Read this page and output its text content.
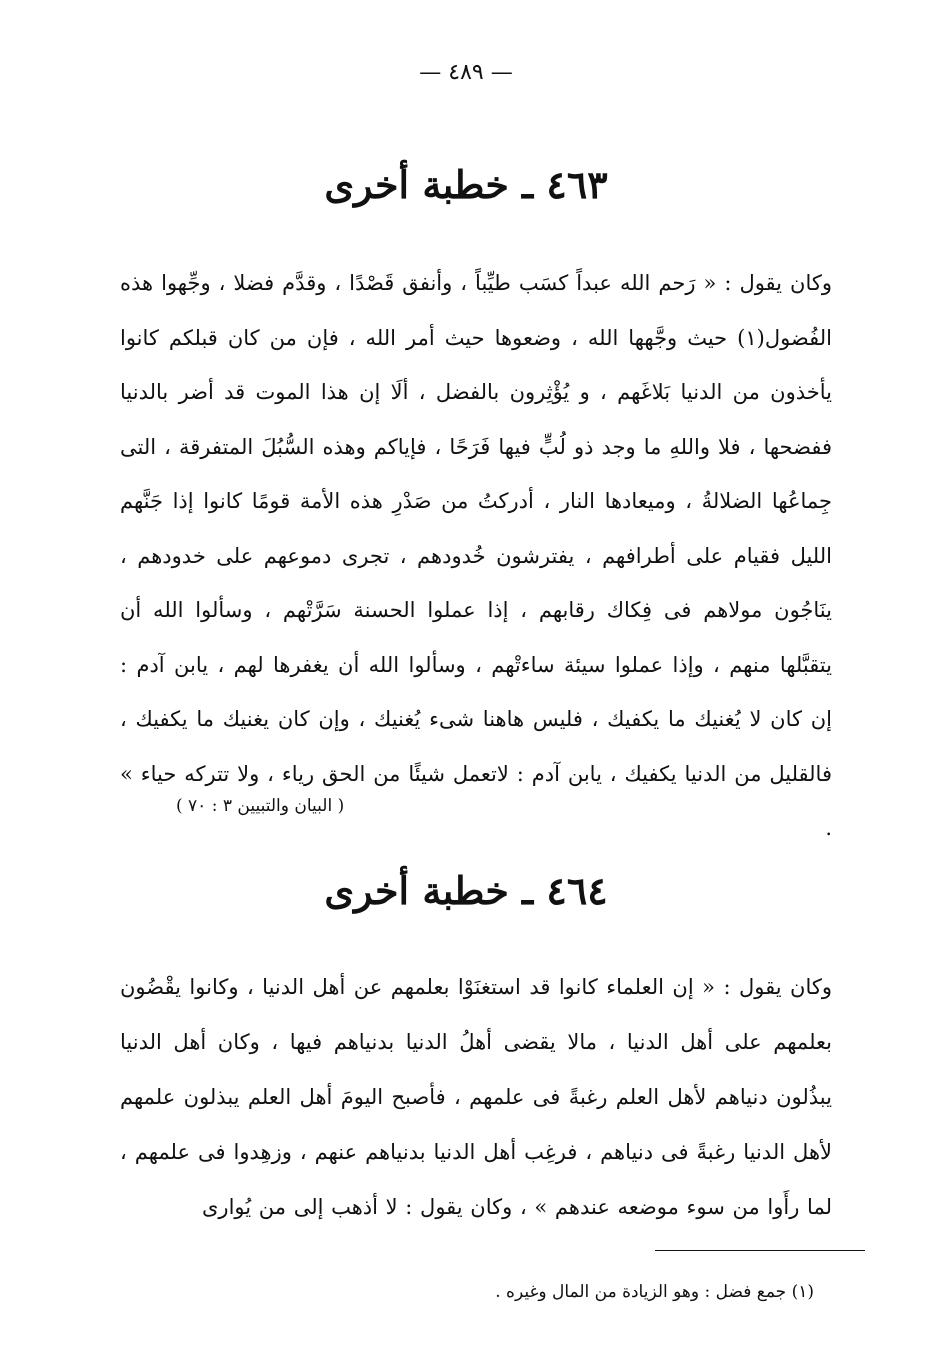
— ٤٨٩ —
٤٦٣ ـ خطبة أخرى
وكان يقول : « رَحم الله عبداً كسَب طيِّباً ، وأنفق قَصْدًا ، وقدَّم فضلا ، وجِّهوا هذه الفُضول(١) حيث وجَّهها الله ، وضعوها حيث أمر الله ، فإن من كان قبلكم كانوا يأخذون من الدنيا بَلاغَهم ، و يُؤْثِرون بالفضل ، ألَا إن هذا الموت قد أضر بالدنيا ففضحها ، فلا واللهِ ما وجد ذو لُبٍّ فيها فَرَحًا ، فإياكم وهذه السُّبُلَ المتفرقة ، التى جِماعُها الضلالةُ ، وميعادها النار ، أدركتُ من صَدْرِ هذه الأمة قومًا كانوا إذا جَنَّهم الليل فقيام على أطرافهم ، يفترشون خُدودهم ، تجرى دموعهم على خدودهم ، ينَاجُون مولاهم فى فِكاك رقابهم ، إذا عملوا الحسنة سَرَّتْهم ، وسألوا الله أن يتقبَّلها منهم ، وإذا عملوا سيئة ساءتْهم ، وسألوا الله أن يغفرها لهم ، يابن آدم : إن كان لا يُغنيك ما يكفيك ، فليس هاهنا شىء يُغنيك ، وإن كان يغنيك ما يكفيك ، فالقليل من الدنيا يكفيك ، يابن آدم : لاتعمل شيئًا من الحق رياء ، ولا تتركه حياء » .
( البيان والتبيين ٣ : ٧٠ )
٤٦٤ ـ خطبة أخرى
وكان يقول : « إن العلماء كانوا قد استغنَوْا بعلمهم عن أهل الدنيا ، وكانوا يقْضُون بعلمهم على أهل الدنيا ، مالا يقضى أهلُ الدنيا بدنياهم فيها ، وكان أهل الدنيا يبذُلون دنياهم لأهل العلم رغبةً فى علمهم ، فأصبح اليومَ أهل العلم يبذلون علمهم لأهل الدنيا رغبةً فى دنياهم ، فرغِب أهل الدنيا بدنياهم عنهم ، وزهِدوا فى علمهم ، لما رأَوا من سوء موضعه عندهم » ، وكان يقول : لا أذهب إلى من يُوارى
(١) جمع فضل : وهو الزيادة من المال وغيره .
